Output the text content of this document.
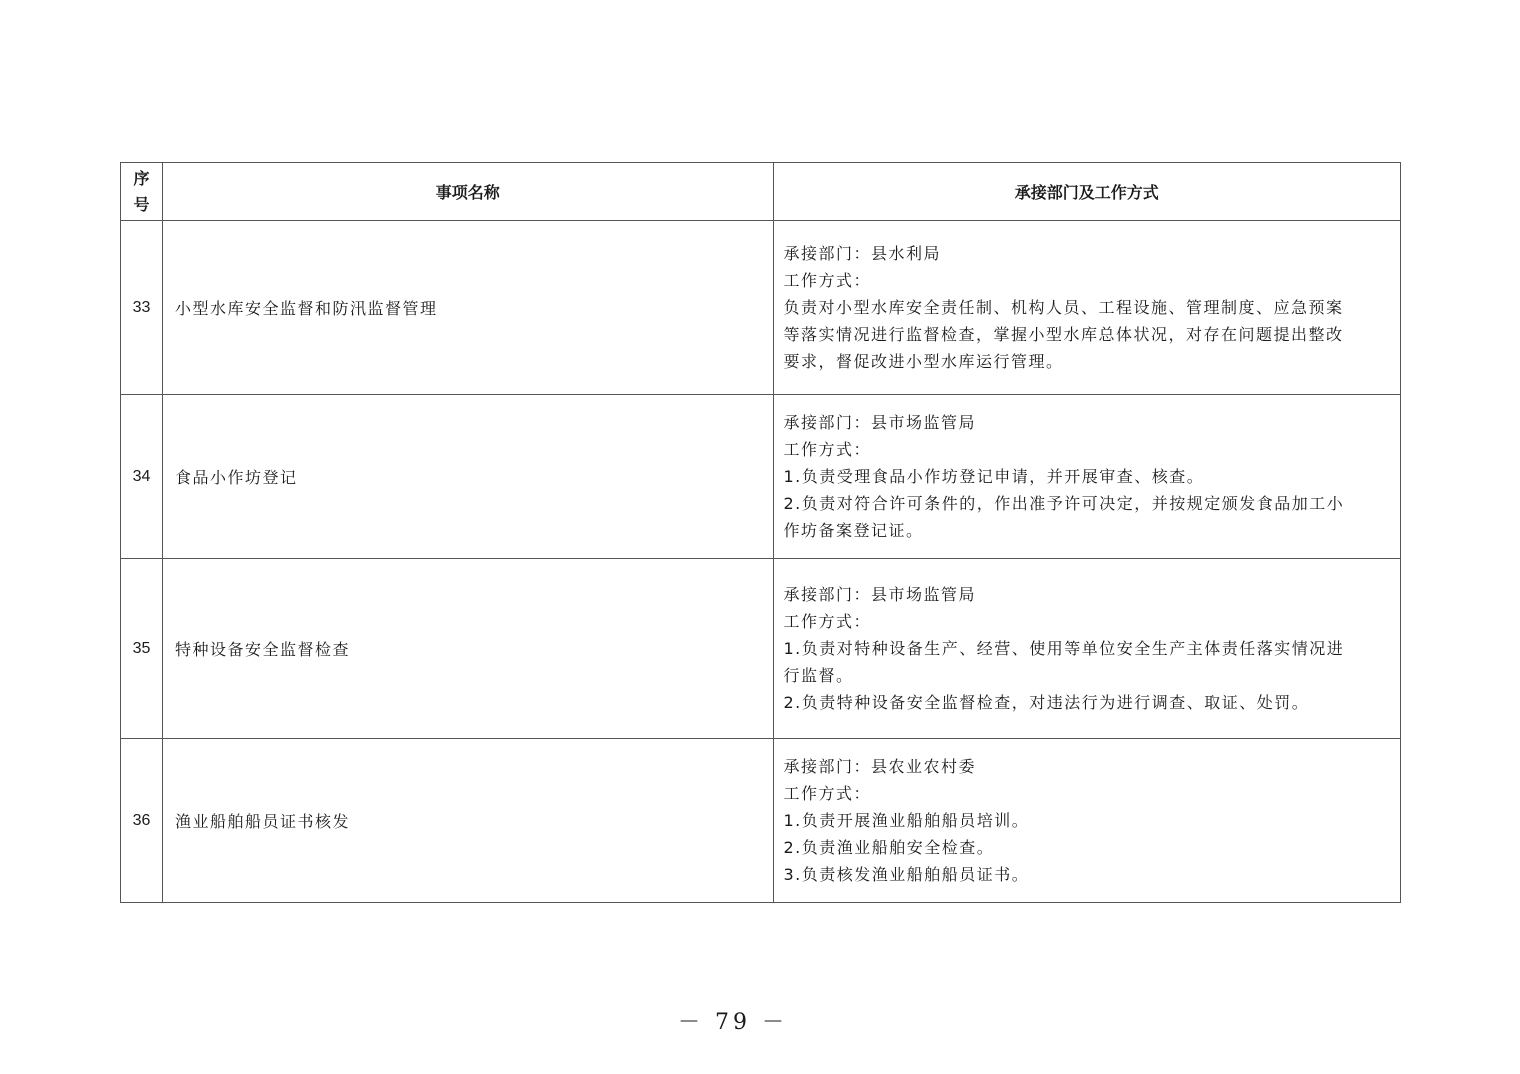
序
号	事项名称	承接部门及工作方式
33	小型水库安全监督和防汛监督管理	承接部门：县水利局
工作方式：
负责对小型水库安全责任制、机构人员、工程设施、管理制度、应急预案
等落实情况进行监督检查，掌握小型水库总体状况，对存在问题提出整改
要求，督促改进小型水库运行管理。

34	食品小作坊登记	承接部门：县市场监管局
工作方式：
1.负责受理食品小作坊登记申请，并开展审查、核查。
2.负责对符合许可条件的，作出准予许可决定，并按规定颁发食品加工小
作坊备案登记证。

35	特种设备安全监督检查	承接部门：县市场监管局
工作方式：
1.负责对特种设备生产、经营、使用等单位安全生产主体责任落实情况进
行监督。
2.负责特种设备安全监督检查，对违法行为进行调查、取证、处罚。

36	渔业船舶船员证书核发	承接部门：县农业农村委
工作方式：
1.负责开展渔业船舶船员培训。
2.负责渔业船舶安全检查。
3.负责核发渔业船舶船员证书。
－ 79 －
